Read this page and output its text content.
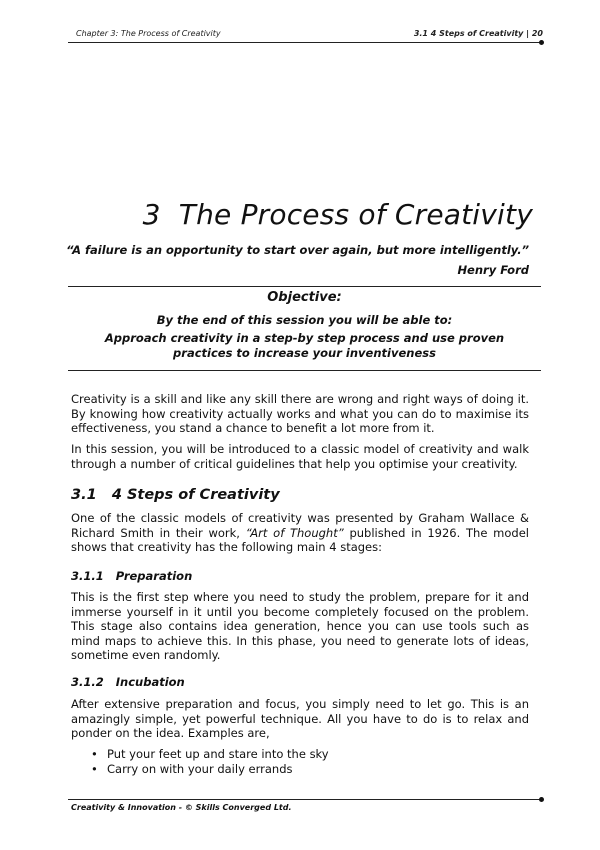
Chapter 3: The Process of Creativity	3.1 4 Steps of Creativity | 20
3  The Process of Creativity
“A failure is an opportunity to start over again, but more intelligently.”
Henry Ford
Objective:
By the end of this session you will be able to:
Approach creativity in a step-by step process and use proven practices to increase your inventiveness
Creativity is a skill and like any skill there are wrong and right ways of doing it. By knowing how creativity actually works and what you can do to maximise its effectiveness, you stand a chance to benefit a lot more from it.
In this session, you will be introduced to a classic model of creativity and walk through a number of critical guidelines that help you optimise your creativity.
3.1   4 Steps of Creativity
One of the classic models of creativity was presented by Graham Wallace & Richard Smith in their work, “Art of Thought” published in 1926. The model shows that creativity has the following main 4 stages:
3.1.1   Preparation
This is the first step where you need to study the problem, prepare for it and immerse yourself in it until you become completely focused on the problem. This stage also contains idea generation, hence you can use tools such as mind maps to achieve this. In this phase, you need to generate lots of ideas, sometime even randomly.
3.1.2   Incubation
After extensive preparation and focus, you simply need to let go. This is an amazingly simple, yet powerful technique. All you have to do is to relax and ponder on the idea. Examples are,
• Put your feet up and stare into the sky
• Carry on with your daily errands
Creativity & Innovation - © Skills Converged Ltd.
